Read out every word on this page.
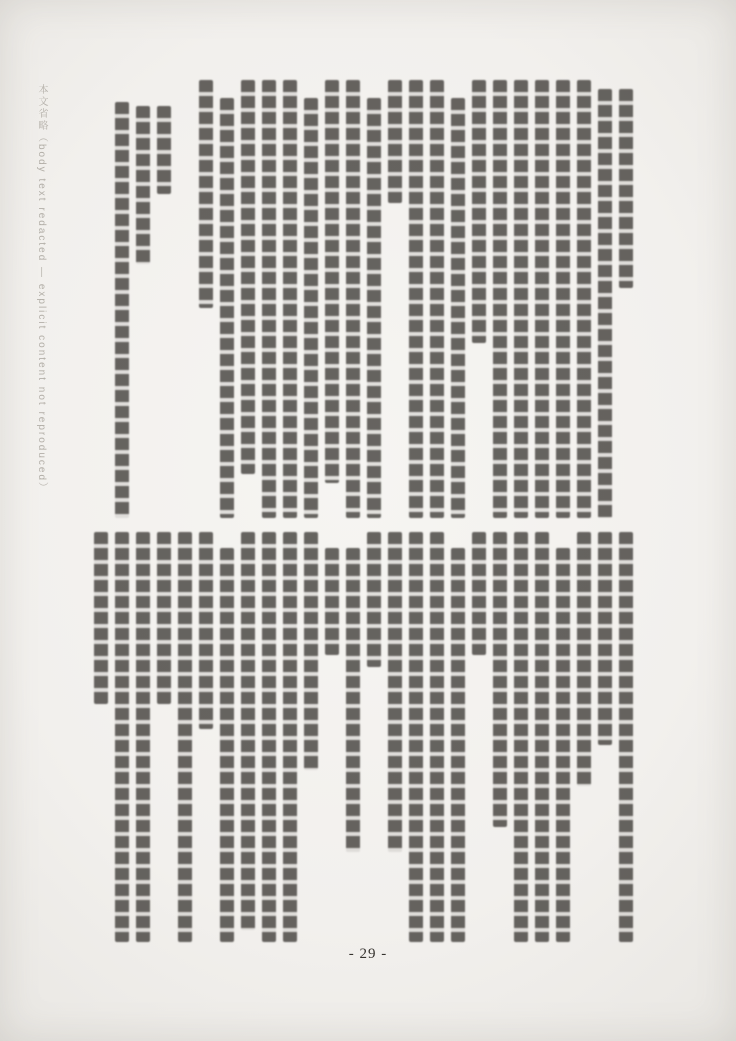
- 29 -
本文省略（body text redacted — explicit content not reproduced）
